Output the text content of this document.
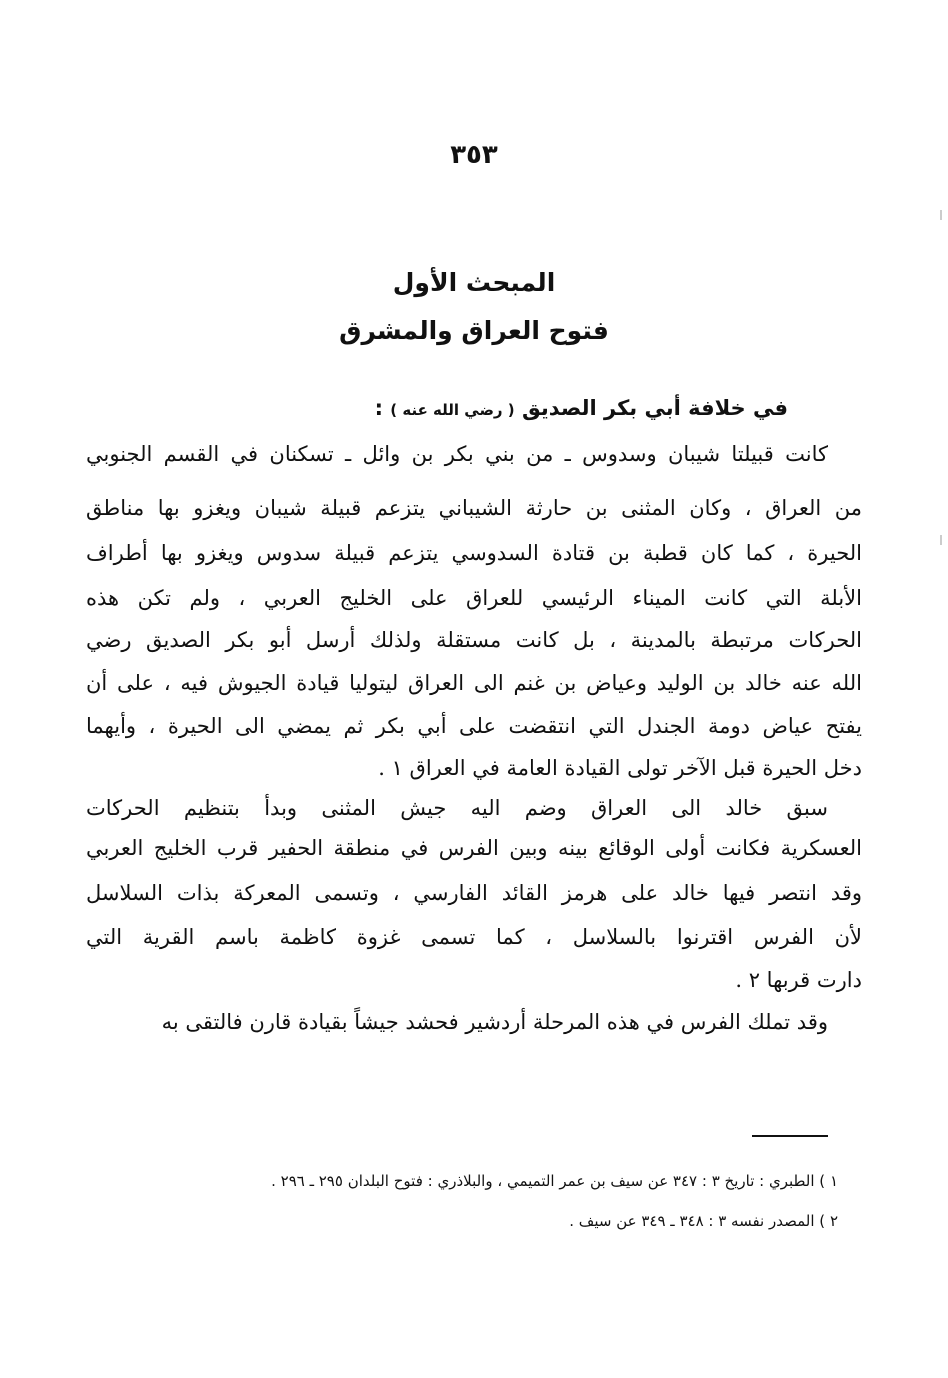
٣٥٣
المبحث الأول
فتوح العراق والمشرق
في خلافة أبي بكر الصديق ( رضي الله عنه ) :
كانت قبيلتا شيبان وسدوس ـ من بني بكر بن وائل ـ تسكنان في القسم الجنوبي
من العراق ، وكان المثنى بن حارثة الشيباني يتزعم قبيلة شيبان ويغزو بها مناطق
الحيرة ، كما كان قطبة بن قتادة السدوسي يتزعم قبيلة سدوس ويغزو بها أطراف
الأبلة التي كانت الميناء الرئيسي للعراق على الخليج العربي ، ولم تكن هذه
الحركات مرتبطة بالمدينة ، بل كانت مستقلة ولذلك أرسل أبو بكر الصديق رضي
الله عنه خالد بن الوليد وعياض بن غنم الى العراق ليتوليا قيادة الجيوش فيه ، على أن
يفتح عياض دومة الجندل التي انتقضت على أبي بكر ثم يمضي الى الحيرة ، وأيهما
دخل الحيرة قبل الآخر تولى القيادة العامة في العراق ١ .
سبق خالد الى العراق وضم اليه جيش المثنى وبدأ بتنظيم الحركات
العسكرية فكانت أولى الوقائع بينه وبين الفرس في منطقة الحفير قرب الخليج العربي
وقد انتصر فيها خالد على هرمز القائد الفارسي ، وتسمى المعركة بذات السلاسل
لأن الفرس اقترنوا بالسلاسل ، كما تسمى غزوة كاظمة باسم القرية التي
دارت قربها ٢ .
وقد تملك الفرس في هذه المرحلة أردشير فحشد جيشاً بقيادة قارن فالتقى به
١ ) الطبري : تاريخ ٣ : ٣٤٧ عن سيف بن عمر التميمي ، والبلاذري : فتوح البلدان ٢٩٥ ـ ٢٩٦ .
٢ ) المصدر نفسه ٣ : ٣٤٨ ـ ٣٤٩ عن سيف .
